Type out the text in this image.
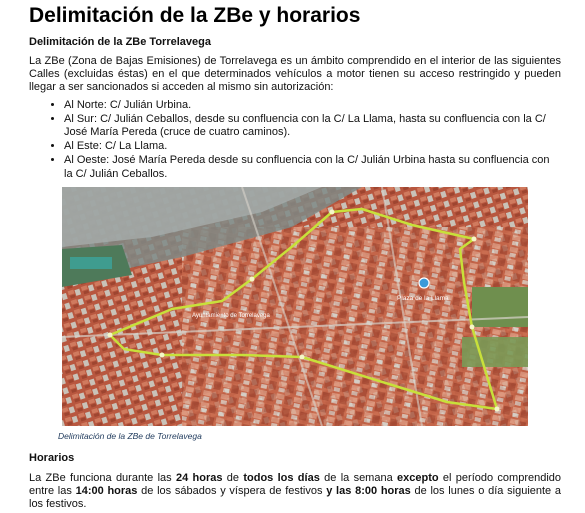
Delimitación de la ZBe y horarios
Delimitación de la ZBe Torrelavega

La ZBe (Zona de Bajas Emisiones) de Torrelavega es un ámbito comprendido en el interior de las siguientes Calles (excluidas éstas) en el que determinados vehículos a motor tienen su acceso restringido y pueden llegar a ser sancionados si acceden al mismo sin autorización:

• Al Norte: C/ Julián Urbina.
• Al Sur: C/ Julián Ceballos, desde su confluencia con la C/ La Llama, hasta su confluencia con la C/ José María Pereda (cruce de cuatro caminos).
• Al Este: C/ La Llama.
• Al Oeste: José María Pereda desde su confluencia con la C/ Julián Urbina hasta su confluencia con la C/ Julián Ceballos.
Plaza de la Llama
Ayuntamiento de Torrelavega
Delimitación de la ZBe de Torrelavega
Horarios

La ZBe funciona durante las 24 horas de todos los días de la semana excepto el período comprendido entre las 14:00 horas de los sábados y víspera de festivos y las 8:00 horas de los lunes o día siguiente a los festivos.
